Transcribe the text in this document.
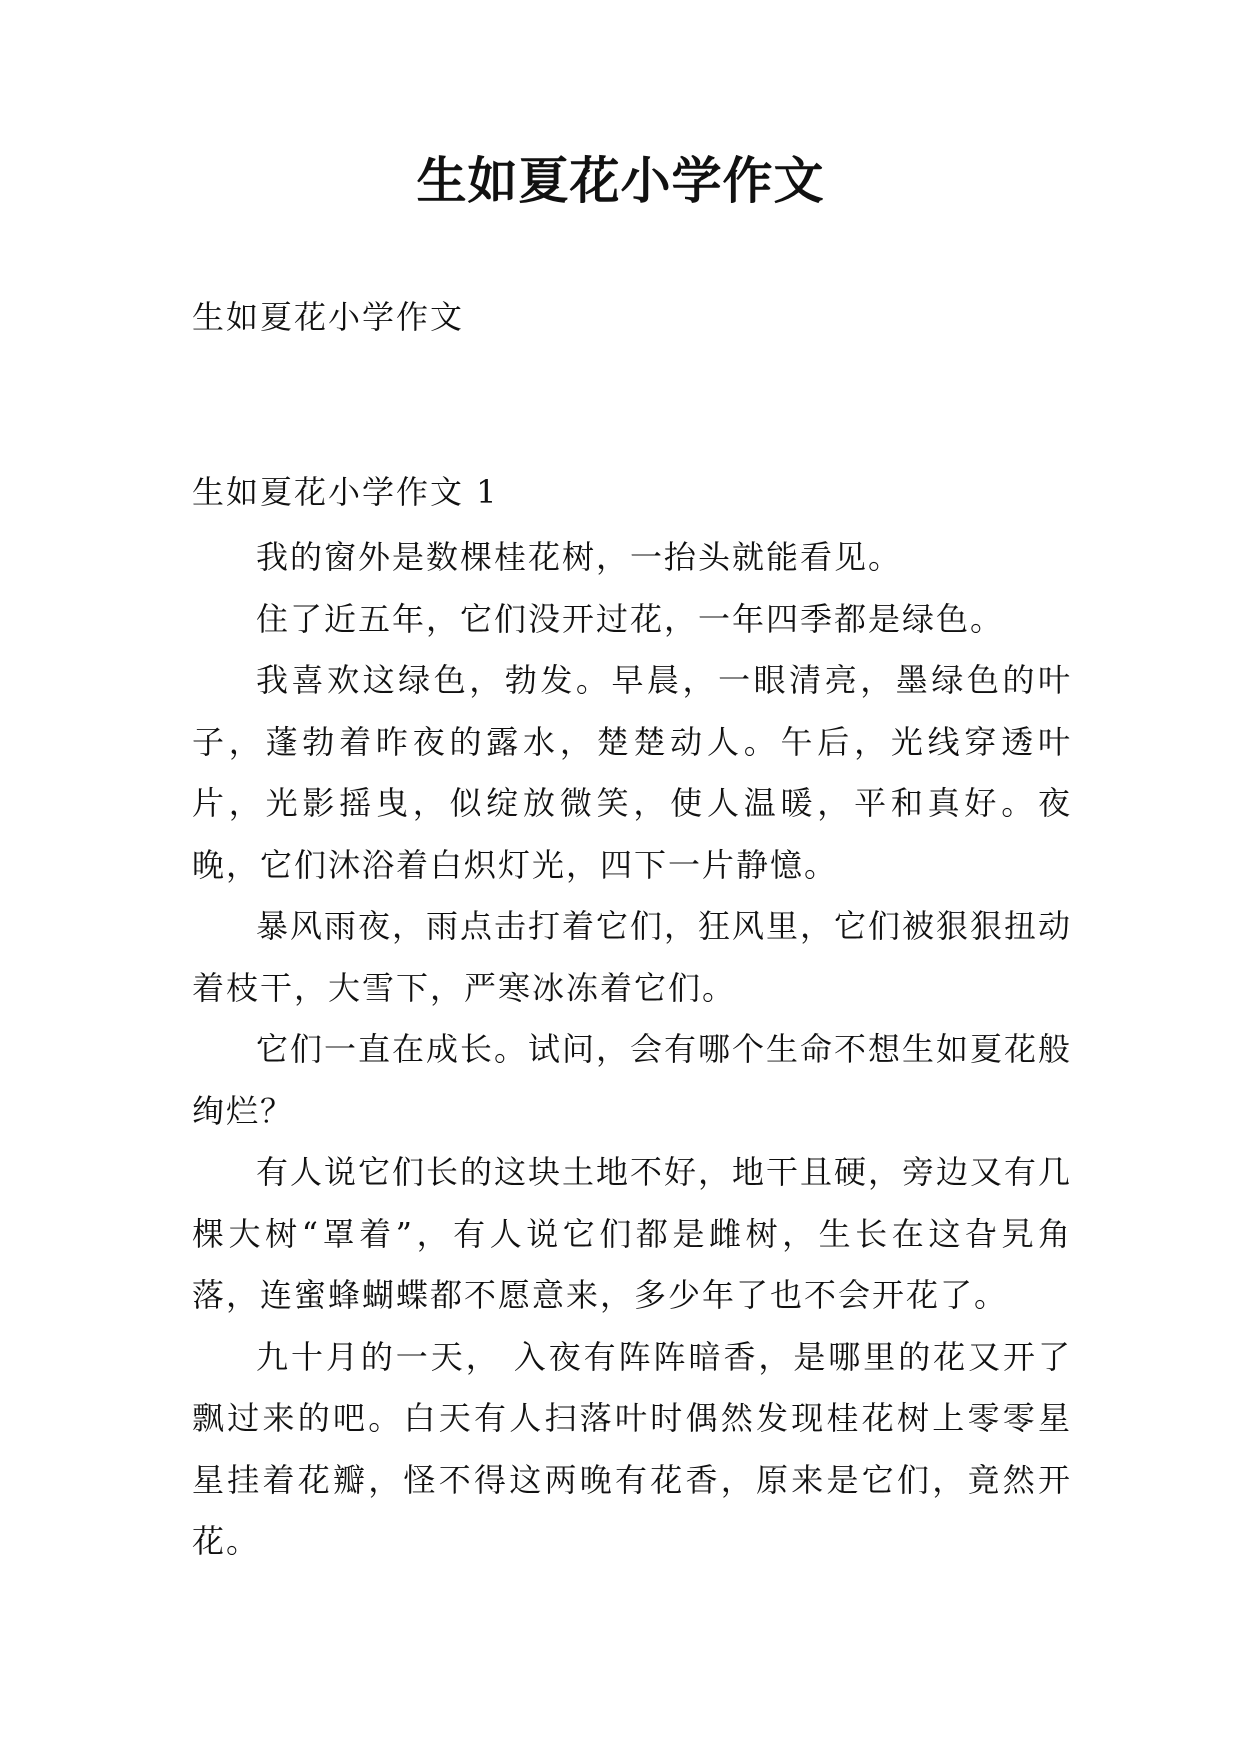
生如夏花小学作文
生如夏花小学作文
生如夏花小学作文 1

我的窗外是数棵桂花树，一抬头就能看见。

住了近五年，它们没开过花，一年四季都是绿色。

我喜欢这绿色，勃发。早晨，一眼清亮，墨绿色的叶子，蓬勃着昨夜的露水，楚楚动人。午后，光线穿透叶片，光影摇曳，似绽放微笑，使人温暖，平和真好。夜晚，它们沐浴着白炽灯光，四下一片静憶。

暴风雨夜，雨点击打着它们，狂风里，它们被狠狠扭动着枝干，大雪下，严寒冰冻着它们。

它们一直在成长。试问，会有哪个生命不想生如夏花般绚烂？

有人说它们长的这块土地不好，地干且硬，旁边又有几棵大树“罩着”，有人说它们都是雌树，生长在这旮旯角落，连蜜蜂蝴蝶都不愿意来，多少年了也不会开花了。

九十月的一天， 入夜有阵阵暗香，是哪里的花又开了飘过来的吧。白天有人扫落叶时偶然发现桂花树上零零星星挂着花瓣，怪不得这两晚有花香，原来是它们，竟然开花。
